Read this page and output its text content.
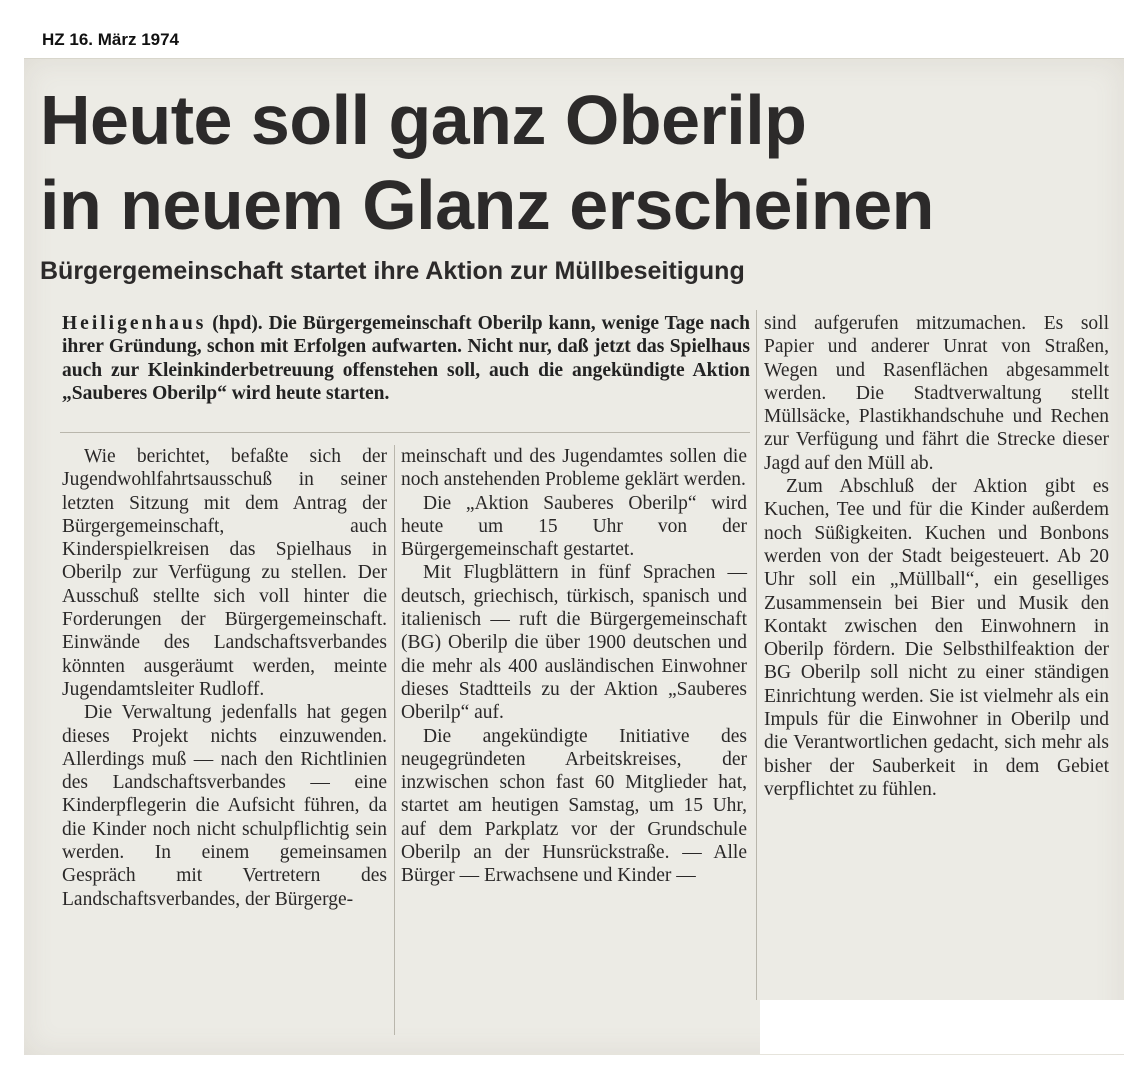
HZ 16. März 1974
Heute soll ganz Oberilp
in neuem Glanz erscheinen
Bürgergemeinschaft startet ihre Aktion zur Müllbeseitigung

Heiligenhaus (hpd). Die Bürgergemeinschaft Oberilp kann, wenige Tage nach ihrer Gründung, schon mit Erfolgen aufwarten. Nicht nur, daß jetzt das Spielhaus auch zur Kleinkinderbetreuung offenstehen soll, auch die angekündigte Aktion „Sauberes Oberilp“ wird heute starten.

Wie berichtet, befaßte sich der Jugendwohlfahrtsausschuß in seiner letzten Sitzung mit dem Antrag der Bürgergemeinschaft, auch Kinderspielkreisen das Spielhaus in Oberilp zur Verfügung zu stellen. Der Ausschuß stellte sich voll hinter die Forderungen der Bürgergemeinschaft. Einwände des Landschaftsverbandes könnten ausgeräumt werden, meinte Jugendamtsleiter Rudloff.

Die Verwaltung jedenfalls hat gegen dieses Projekt nichts einzuwenden. Allerdings muß — nach den Richtlinien des Landschaftsverbandes — eine Kinderpflegerin die Aufsicht führen, da die Kinder noch nicht schulpflichtig sein werden. In einem gemeinsamen Gespräch mit Vertretern des Landschaftsverbandes, der Bürgerge-

meinschaft und des Jugendamtes sollen die noch anstehenden Probleme geklärt werden.

Die „Aktion Sauberes Oberilp“ wird heute um 15 Uhr von der Bürgergemeinschaft gestartet.

Mit Flugblättern in fünf Sprachen — deutsch, griechisch, türkisch, spanisch und italienisch — ruft die Bürgergemeinschaft (BG) Oberilp die über 1900 deutschen und die mehr als 400 ausländischen Einwohner dieses Stadtteils zu der Aktion „Sauberes Oberilp“ auf.

Die angekündigte Initiative des neugegründeten Arbeitskreises, der inzwischen schon fast 60 Mitglieder hat, startet am heutigen Samstag, um 15 Uhr, auf dem Parkplatz vor der Grundschule Oberilp an der Hunsrückstraße. — Alle Bürger — Erwachsene und Kinder —

sind aufgerufen mitzumachen. Es soll Papier und anderer Unrat von Straßen, Wegen und Rasenflächen abgesammelt werden. Die Stadtverwaltung stellt Müllsäcke, Plastikhandschuhe und Rechen zur Verfügung und fährt die Strecke dieser Jagd auf den Müll ab.

Zum Abschluß der Aktion gibt es Kuchen, Tee und für die Kinder außerdem noch Süßigkeiten. Kuchen und Bonbons werden von der Stadt beigesteuert. Ab 20 Uhr soll ein „Müllball“, ein geselliges Zusammensein bei Bier und Musik den Kontakt zwischen den Einwohnern in Oberilp fördern. Die Selbsthilfeaktion der BG Oberilp soll nicht zu einer ständigen Einrichtung werden. Sie ist vielmehr als ein Impuls für die Einwohner in Oberilp und die Verantwortlichen gedacht, sich mehr als bisher der Sauberkeit in dem Gebiet verpflichtet zu fühlen.
